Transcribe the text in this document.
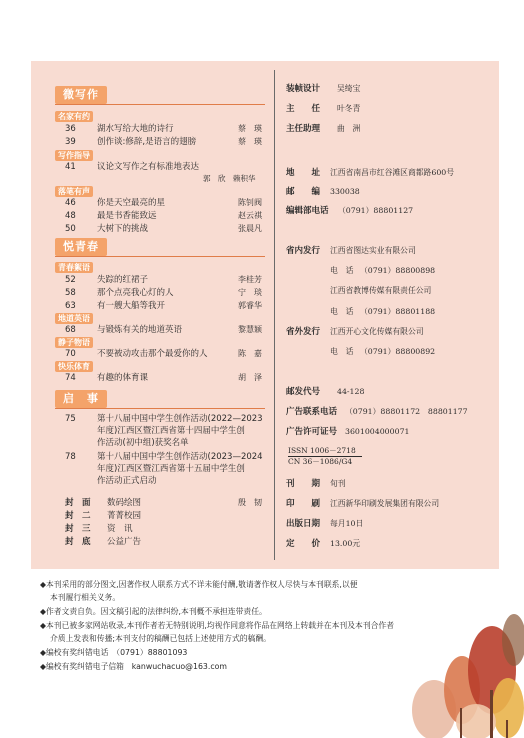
微写作
名家有约
36	湖水写给大地的诗行	蔡　瑛
39	创作谈:修辞,是语言的翅膀	蔡　瑛
写作指导
41	议论文写作之有标准地表达
郭　欣　赖积华
落笔有声
46	你是天空最亮的星	陈钊阀
48	最是书香能致远	赵云祺
50	大树下的挑战	张晨凡
悦青春
青春絮语
52	失踪的红裙子	李桂芳
58	那个点亮我心灯的人	宁　琰
63	有一艘大船等我开	郭睿华
地道英语
68	与锻炼有关的地道英语	黎慧颖
静子物语
70	不要被动攻击那个最爱你的人	陈　嘉
快乐体育
74	有趣的体育课	胡　泽
启　事
75	第十八届中国中学生创作活动(2022—2023
年度)江西区暨江西省第十四届中学生创
作活动(初中组)获奖名单
78	第十八届中国中学生创作活动(2023—2024
年度)江西区暨江西省第十五届中学生创
作活动正式启动
封　面 数码绘图	殷　韧
封　二 菁菁校园
封　三 资　讯
封　底 公益广告
装帧设计 吴绮宝
主　　任 叶冬青
主任助理 曲　洲
地　　址 江西省南昌市红谷滩区商都路600号
邮　　编 330038
编辑部电话 （0791）88801127
省内发行 江西省图达实业有限公司
电　话 （0791）88800898
江西省教博传媒有限责任公司
电　话 （0791）88801188
省外发行 江西开心文化传媒有限公司
电　话 （0791）88800892
邮发代号 44-128
广告联系电话 （0791）88801172　88801177
广告许可证号 3601004000071
ISSN 1006－2718
CN 36－1086/G4
刊　　期 旬刊
印　　刷 江西新华印刷发展集团有限公司
出版日期 每月10日
定　　价 13.00元
◆本刊采用的部分图文,因著作权人联系方式不详未能付酬,敬请著作权人尽快与本刊联系,以便
本刊履行相关义务。
◆作者文责自负。因文稿引起的法律纠纷,本刊概不承担连带责任。
◆本刊已被多家网站收录,本刊作者若无特别说明,均视作同意将作品在网络上转载并在本刊及本刊合作者
介质上发表和传播;本刊支付的稿酬已包括上述使用方式的稿酬。
◆编校有奖纠错电话　（0791）88801093
◆编校有奖纠错电子信箱　kanwuchacuo@163.com
